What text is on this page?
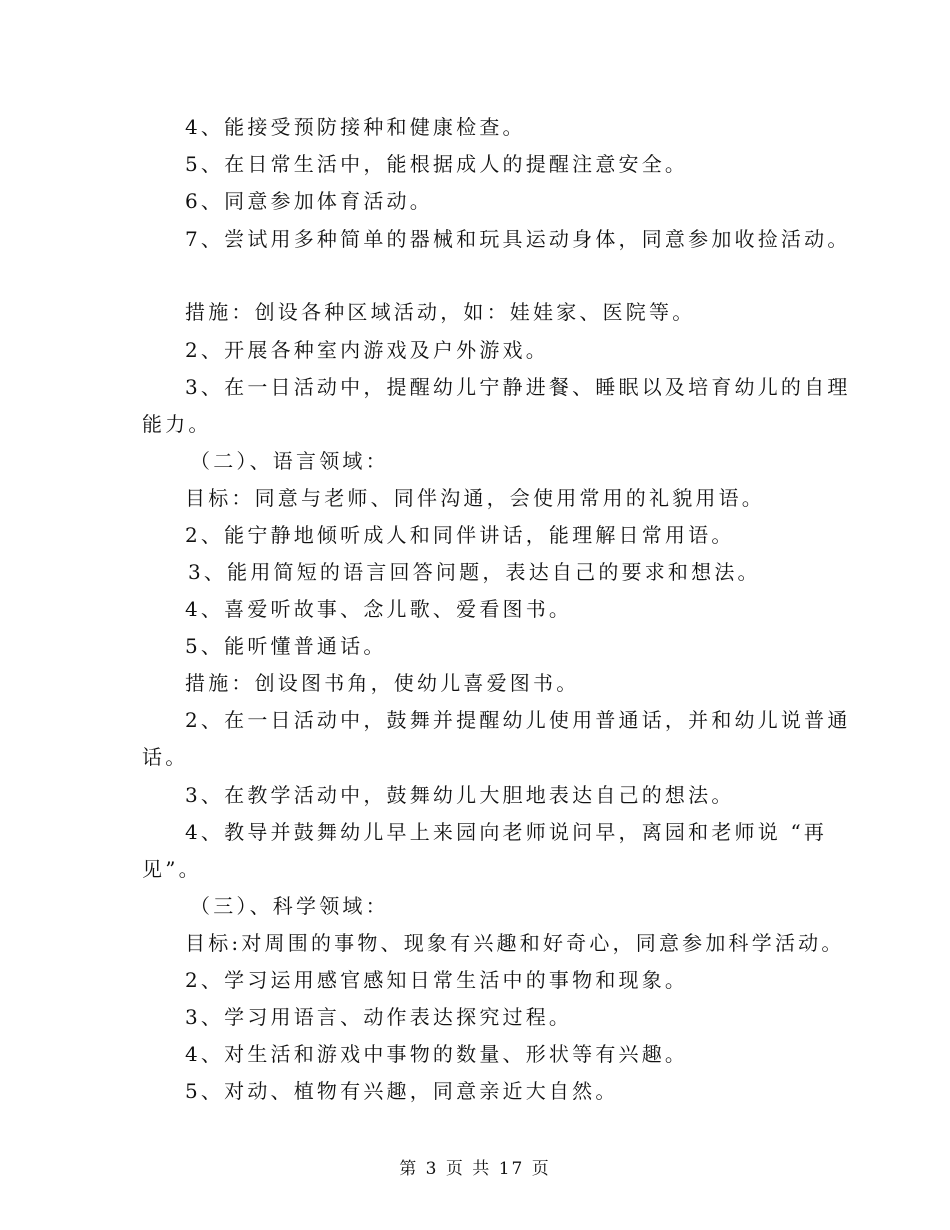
4、能接受预防接种和健康检查。
5、在日常生活中，能根据成人的提醒注意安全。
6、同意参加体育活动。
7、尝试用多种简单的器械和玩具运动身体，同意参加收捡活动。
措施：创设各种区域活动，如：娃娃家、医院等。
2、开展各种室内游戏及户外游戏。
3、在一日活动中，提醒幼儿宁静进餐、睡眠以及培育幼儿的自理
能力。
（二）、语言领域：
目标：同意与老师、同伴沟通，会使用常用的礼貌用语。
2、能宁静地倾听成人和同伴讲话，能理解日常用语。
3、能用简短的语言回答问题，表达自己的要求和想法。
4、喜爱听故事、念儿歌、爱看图书。
5、能听懂普通话。
措施：创设图书角，使幼儿喜爱图书。
2、在一日活动中，鼓舞并提醒幼儿使用普通话，并和幼儿说普通
话。
3、在教学活动中，鼓舞幼儿大胆地表达自己的想法。
4、教导并鼓舞幼儿早上来园向老师说问早，离园和老师说 “再
见”。
（三）、科学领域：
目标:对周围的事物、现象有兴趣和好奇心，同意参加科学活动。
2、学习运用感官感知日常生活中的事物和现象。
3、学习用语言、动作表达探究过程。
4、对生活和游戏中事物的数量、形状等有兴趣。
5、对动、植物有兴趣，同意亲近大自然。
第 3 页 共 17 页
